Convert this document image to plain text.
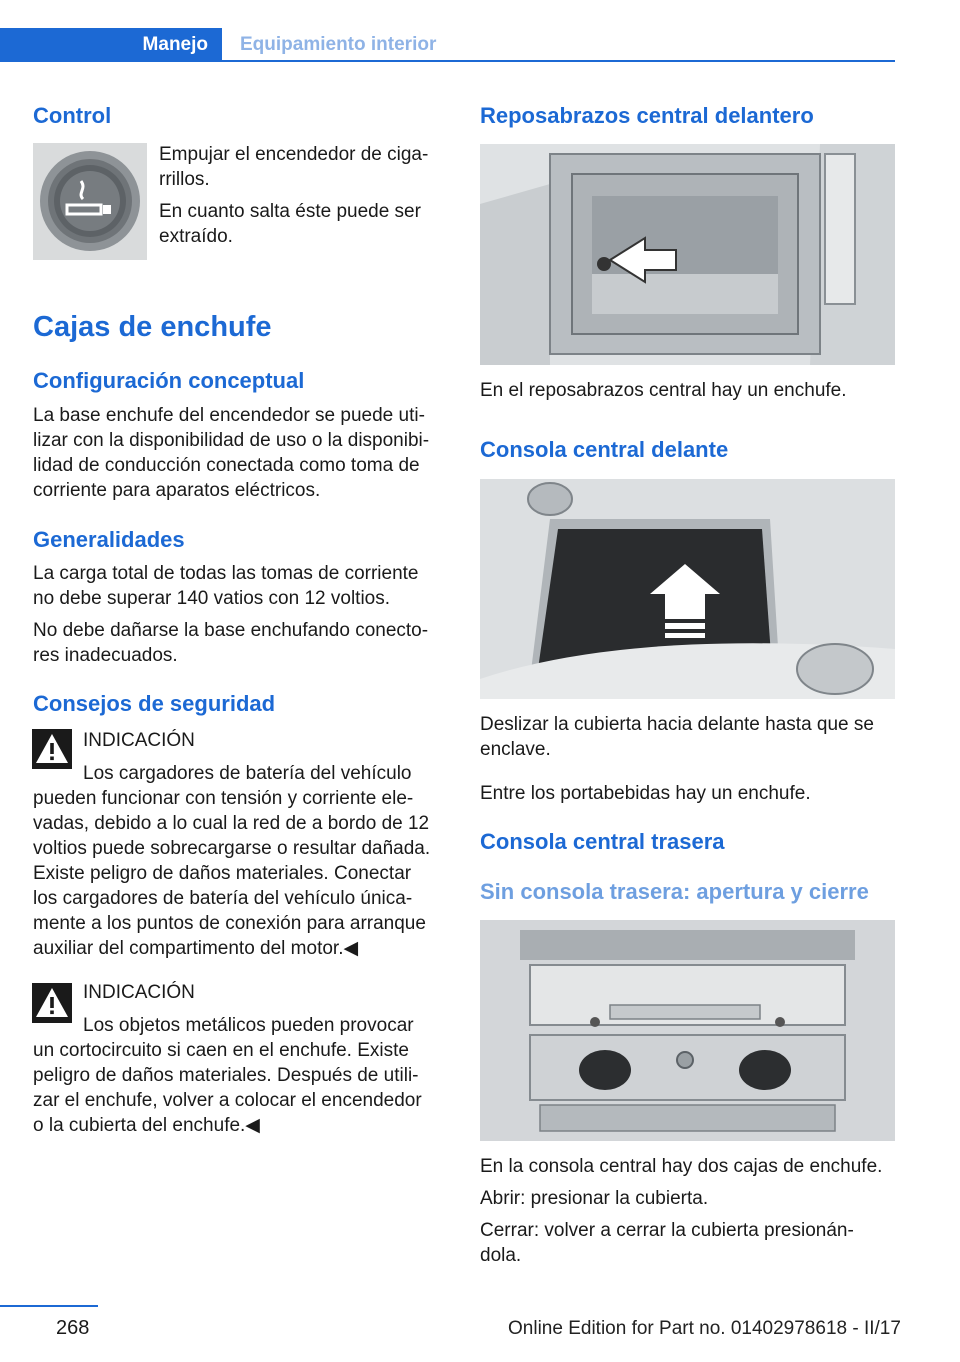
Manejo	Equipamiento interior
Control
Empujar el encendedor de ciga-
rrillos.
En cuanto salta éste puede ser
extraído.
Cajas de enchufe
Configuración conceptual
La base enchufe del encendedor se puede uti-
lizar con la disponibilidad de uso o la disponibi-
lidad de conducción conectada como toma de
corriente para aparatos eléctricos.
Generalidades
La carga total de todas las tomas de corriente
no debe superar 140 vatios con 12 voltios.
No debe dañarse la base enchufando conecto-
res inadecuados.
Consejos de seguridad
INDICACIÓN
Los cargadores de batería del vehículo
pueden funcionar con tensión y corriente ele-
vadas, debido a lo cual la red de a bordo de 12
voltios puede sobrecargarse o resultar dañada.
Existe peligro de daños materiales. Conectar
los cargadores de batería del vehículo única-
mente a los puntos de conexión para arranque
auxiliar del compartimento del motor.◀
INDICACIÓN
Los objetos metálicos pueden provocar
un cortocircuito si caen en el enchufe. Existe
peligro de daños materiales. Después de utili-
zar el enchufe, volver a colocar el encendedor
o la cubierta del enchufe.◀
Reposabrazos central delantero
En el reposabrazos central hay un enchufe.
Consola central delante
Deslizar la cubierta hacia delante hasta que se
enclave.
Entre los portabebidas hay un enchufe.
Consola central trasera
Sin consola trasera: apertura y cierre
En la consola central hay dos cajas de enchufe.
Abrir: presionar la cubierta.
Cerrar: volver a cerrar la cubierta presionán-
dola.
268	Online Edition for Part no. 01402978618 - II/17
